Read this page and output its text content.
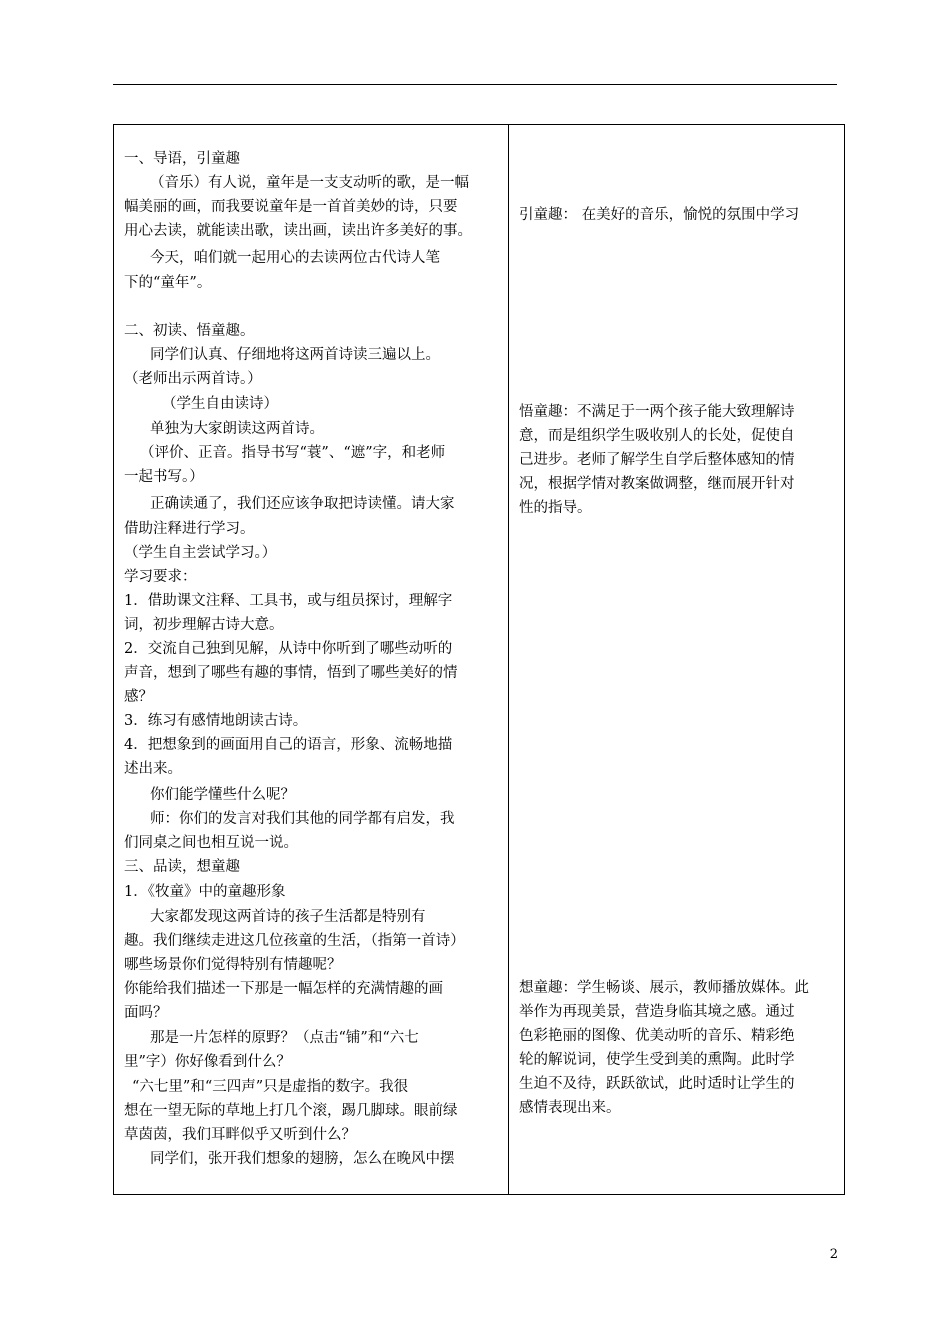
一、导语，引童趣
（音乐）有人说，童年是一支支动听的歌，是一幅
幅美丽的画，而我要说童年是一首首美妙的诗，只要
用心去读，就能读出歌，读出画，读出许多美好的事。
今天，咱们就一起用心的去读两位古代诗人笔
下的“童年”。
二、初读、悟童趣。
同学们认真、仔细地将这两首诗读三遍以上。
（老师出示两首诗。）
（学生自由读诗）
单独为大家朗读这两首诗。
（评价、正音。指导书写“蓑”、“遮”字，和老师
一起书写。）
正确读通了，我们还应该争取把诗读懂。请大家
借助注释进行学习。
（学生自主尝试学习。）
学习要求：
1．借助课文注释、工具书，或与组员探讨，理解字
词，初步理解古诗大意。
2．交流自己独到见解，从诗中你听到了哪些动听的
声音，想到了哪些有趣的事情，悟到了哪些美好的情
感？
3．练习有感情地朗读古诗。
4．把想象到的画面用自己的语言，形象、流畅地描
述出来。
你们能学懂些什么呢？
师：你们的发言对我们其他的同学都有启发，我
们同桌之间也相互说一说。
三、品读，想童趣
1．《牧童》中的童趣形象
大家都发现这两首诗的孩子生活都是特别有
趣。我们继续走进这几位孩童的生活，（指第一首诗）
哪些场景你们觉得特别有情趣呢？
你能给我们描述一下那是一幅怎样的充满情趣的画
面吗？
那是一片怎样的原野？（点击“铺”和“六七
里”字）你好像看到什么？
“六七里”和“三四声”只是虚指的数字。我很
想在一望无际的草地上打几个滚，踢几脚球。眼前绿
草茵茵，我们耳畔似乎又听到什么？
同学们，张开我们想象的翅膀，怎么在晚风中摆
引童趣： 在美好的音乐，愉悦的氛围中学习
悟童趣：不满足于一两个孩子能大致理解诗
意，而是组织学生吸收别人的长处，促使自
己进步。老师了解学生自学后整体感知的情
况，根据学情对教案做调整，继而展开针对
性的指导。
想童趣：学生畅谈、展示，教师播放媒体。此
举作为再现美景，营造身临其境之感。通过
色彩艳丽的图像、优美动听的音乐、精彩绝
轮的解说词，使学生受到美的熏陶。此时学
生迫不及待，跃跃欲试，此时适时让学生的
感情表现出来。
2
